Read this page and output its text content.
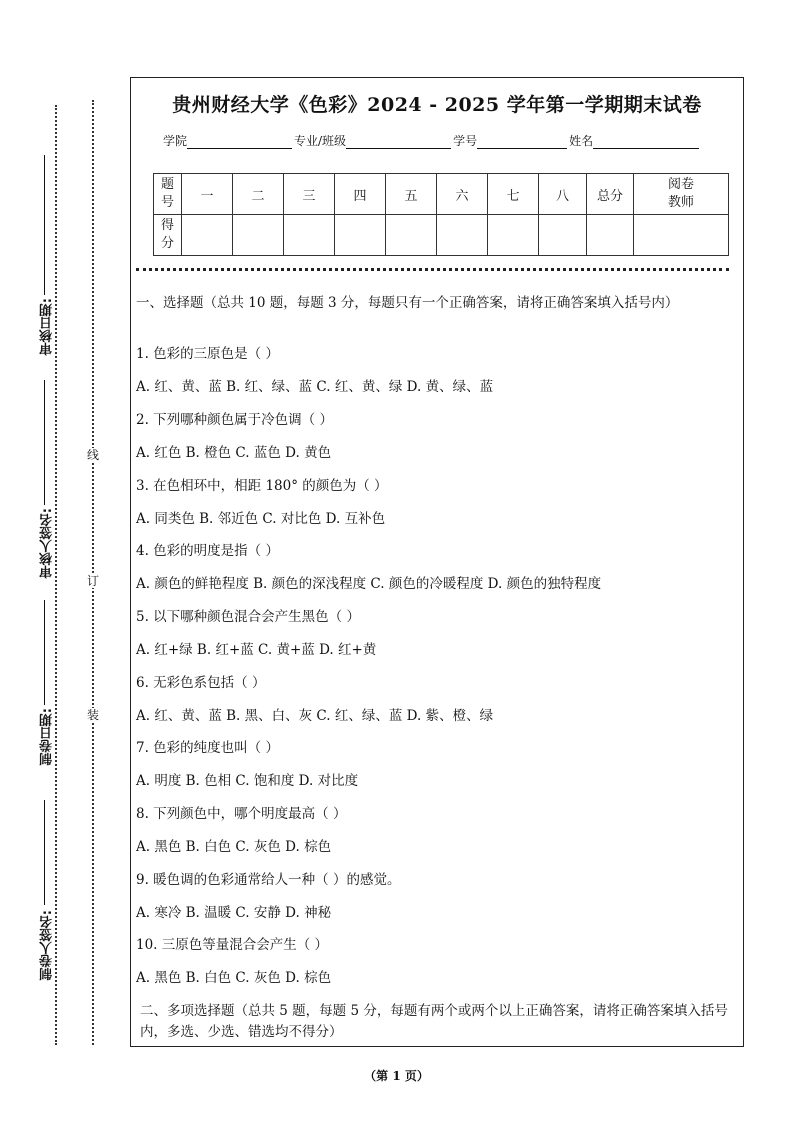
审核日期:
审核人签名:
制卷日期:
制卷人签名:
线
订
装
贵州财经大学《色彩》2024 - 2025 学年第一学期期末试卷
学院	专业/班级	学号	姓名
题号	一	二	三	四	五	六	七	八	总分	阅卷教师
得分										
一、选择题（总共 10 题，每题 3 分，每题只有一个正确答案，请将正确答案填入括号内）
1. 色彩的三原色是（ ）
A. 红、黄、蓝 B. 红、绿、蓝 C. 红、黄、绿 D. 黄、绿、蓝
2. 下列哪种颜色属于冷色调（ ）
A. 红色 B. 橙色 C. 蓝色 D. 黄色
3. 在色相环中，相距 180° 的颜色为（ ）
A. 同类色 B. 邻近色 C. 对比色 D. 互补色
4. 色彩的明度是指（ ）
A. 颜色的鲜艳程度 B. 颜色的深浅程度 C. 颜色的冷暖程度 D. 颜色的独特程度
5. 以下哪种颜色混合会产生黑色（ ）
A. 红+绿 B. 红+蓝 C. 黄+蓝 D. 红+黄
6. 无彩色系包括（ ）
A. 红、黄、蓝 B. 黑、白、灰 C. 红、绿、蓝 D. 紫、橙、绿
7. 色彩的纯度也叫（ ）
A. 明度 B. 色相 C. 饱和度 D. 对比度
8. 下列颜色中，哪个明度最高（ ）
A. 黑色 B. 白色 C. 灰色 D. 棕色
9. 暖色调的色彩通常给人一种（ ）的感觉。
A. 寒冷 B. 温暖 C. 安静 D. 神秘
10. 三原色等量混合会产生（ ）
A. 黑色 B. 白色 C. 灰色 D. 棕色
二、多项选择题（总共 5 题，每题 5 分，每题有两个或两个以上正确答案，请将正确答案填入括号内，多选、少选、错选均不得分）
（第 1 页）
